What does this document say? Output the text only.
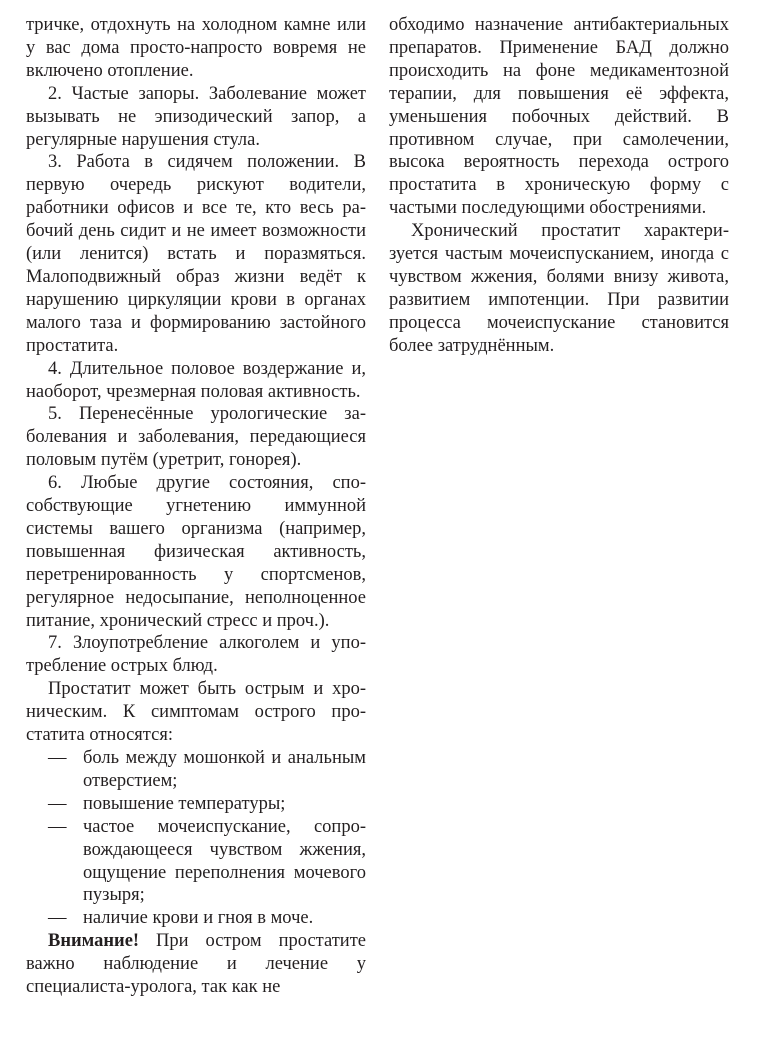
тричке, отдохнуть на холодном камне или у вас дома просто-напросто вовремя не включено отопление.

2. Частые запоры. Заболевание может вызывать не эпизодический запор, а регулярные нарушения стула.

3. Работа в сидячем положении. В первую очередь рискуют водители, работники офисов и все те, кто весь рабочий день сидит и не имеет возможности (или ленится) встать и поразмяться. Малоподвижный образ жизни ведёт к нарушению циркуляции крови в органах малого таза и формированию застойного простатита.

4. Длительное половое воздержание и, наоборот, чрезмерная половая активность.

5. Перенесённые урологические заболевания и заболевания, передающиеся половым путём (уретрит, гонорея).

6. Любые другие состояния, способствующие угнетению иммунной системы вашего организма (например, повышенная физическая активность, перетренированность у спортсменов, регулярное недосыпание, неполноценное питание, хронический стресс и проч.).

7. Злоупотребление алкоголем и употребление острых блюд.

Простатит может быть острым и хроническим. К симптомам острого простатита относятся:

— боль между мошонкой и анальным отверстием;
— повышение температуры;
— частое мочеиспускание, сопровождающееся чувством жжения, ощущение переполнения мочевого пузыря;
— наличие крови и гноя в моче.

Внимание! При остром простатите важно наблюдение и лечение у специалиста-уролога, так как не

обходимо назначение антибактериальных препаратов. Применение БАД должно происходить на фоне медикаментозной терапии, для повышения её эффекта, уменьшения побочных действий. В противном случае, при самолечении, высока вероятность перехода острого простатита в хроническую форму с частыми последующими обострениями.

Хронический простатит характеризуется частым мочеиспусканием, иногда с чувством жжения, болями внизу живота, развитием импотенции. При развитии процесса мочеиспускание становится более затруднённым.
